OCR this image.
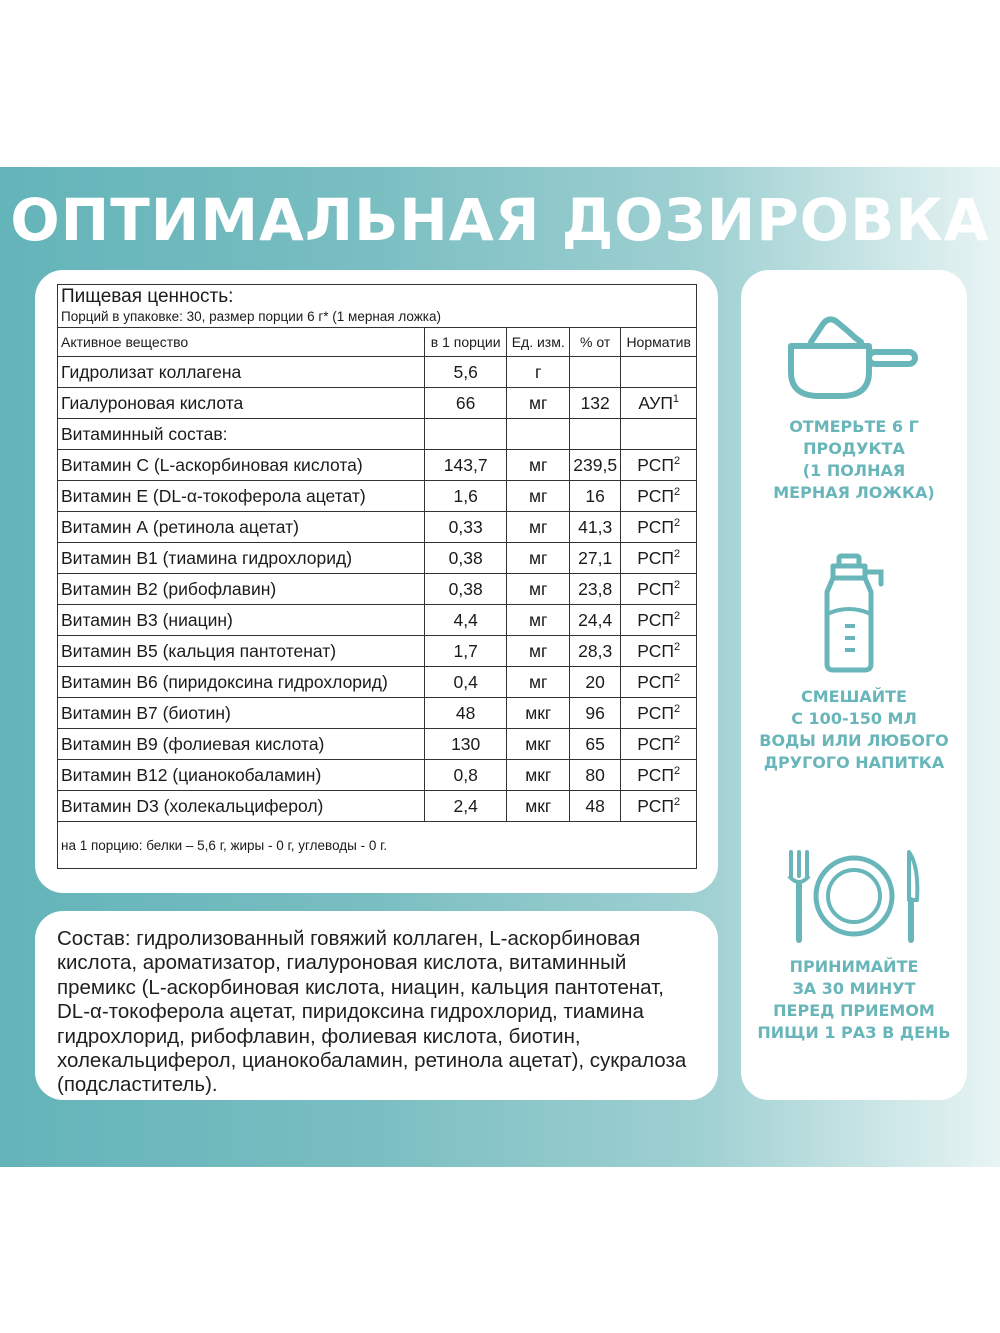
ОПТИМАЛЬНАЯ ДОЗИРОВКА
Пищевая ценность:
Порций в упаковке: 30, размер порции 6 г* (1 мерная ложка)				

Активное вещество	в 1 порции	Ед. изм.	% от	Норматив
Гидролизат коллагена	5,6	г		
Гиалуроновая кислота	66	мг	132	АУП$^1$
Витаминный состав:				
Витамин С (L-аскорбиновая кислота)	143,7	мг	239,5	РСП$^2$
Витамин Е (DL-α-токоферола ацетат)	1,6	мг	16	РСП$^2$
Витамин А (ретинола ацетат)	0,33	мг	41,3	РСП$^2$
Витамин В1 (тиамина гидрохлорид)	0,38	мг	27,1	РСП$^2$
Витамин В2 (рибофлавин)	0,38	мг	23,8	РСП$^2$
Витамин В3 (ниацин)	4,4	мг	24,4	РСП$^2$
Витамин В5 (кальция пантотенат)	1,7	мг	28,3	РСП$^2$
Витамин В6 (пиридоксина гидрохлорид)	0,4	мг	20	РСП$^2$
Витамин В7 (биотин)	48	мкг	96	РСП$^2$
Витамин В9 (фолиевая кислота)	130	мкг	65	РСП$^2$
Витамин В12 (цианокобаламин)	0,8	мкг	80	РСП$^2$
Витамин D3 (холекальциферол)	2,4	мкг	48	РСП$^2$
на 1 порцию: белки – 5,6 г, жиры - 0 г, углеводы - 0 г.				
Состав: гидролизованный говяжий коллаген, L-аскорбиновая кислота, ароматизатор, гиалуроновая кислота, витаминный премикс (L-аскорбиновая кислота, ниацин, кальция пантотенат, DL-α-токоферола ацетат, пиридоксина гидрохлорид, тиамина гидрохлорид, рибофлавин, фолиевая кислота, биотин, холекальциферол, цианокобаламин, ретинола ацетат), сукралоза (подсластитель).
ОТМЕРЬТЕ 6 Г
ПРОДУКТА
(1 ПОЛНАЯ
МЕРНАЯ ЛОЖКА)
СМЕШАЙТЕ
С 100-150 МЛ
ВОДЫ ИЛИ ЛЮБОГО
ДРУГОГО НАПИТКА
ПРИНИМАЙТЕ
ЗА 30 МИНУТ
ПЕРЕД ПРИЕМОМ
ПИЩИ 1 РАЗ В ДЕНЬ
